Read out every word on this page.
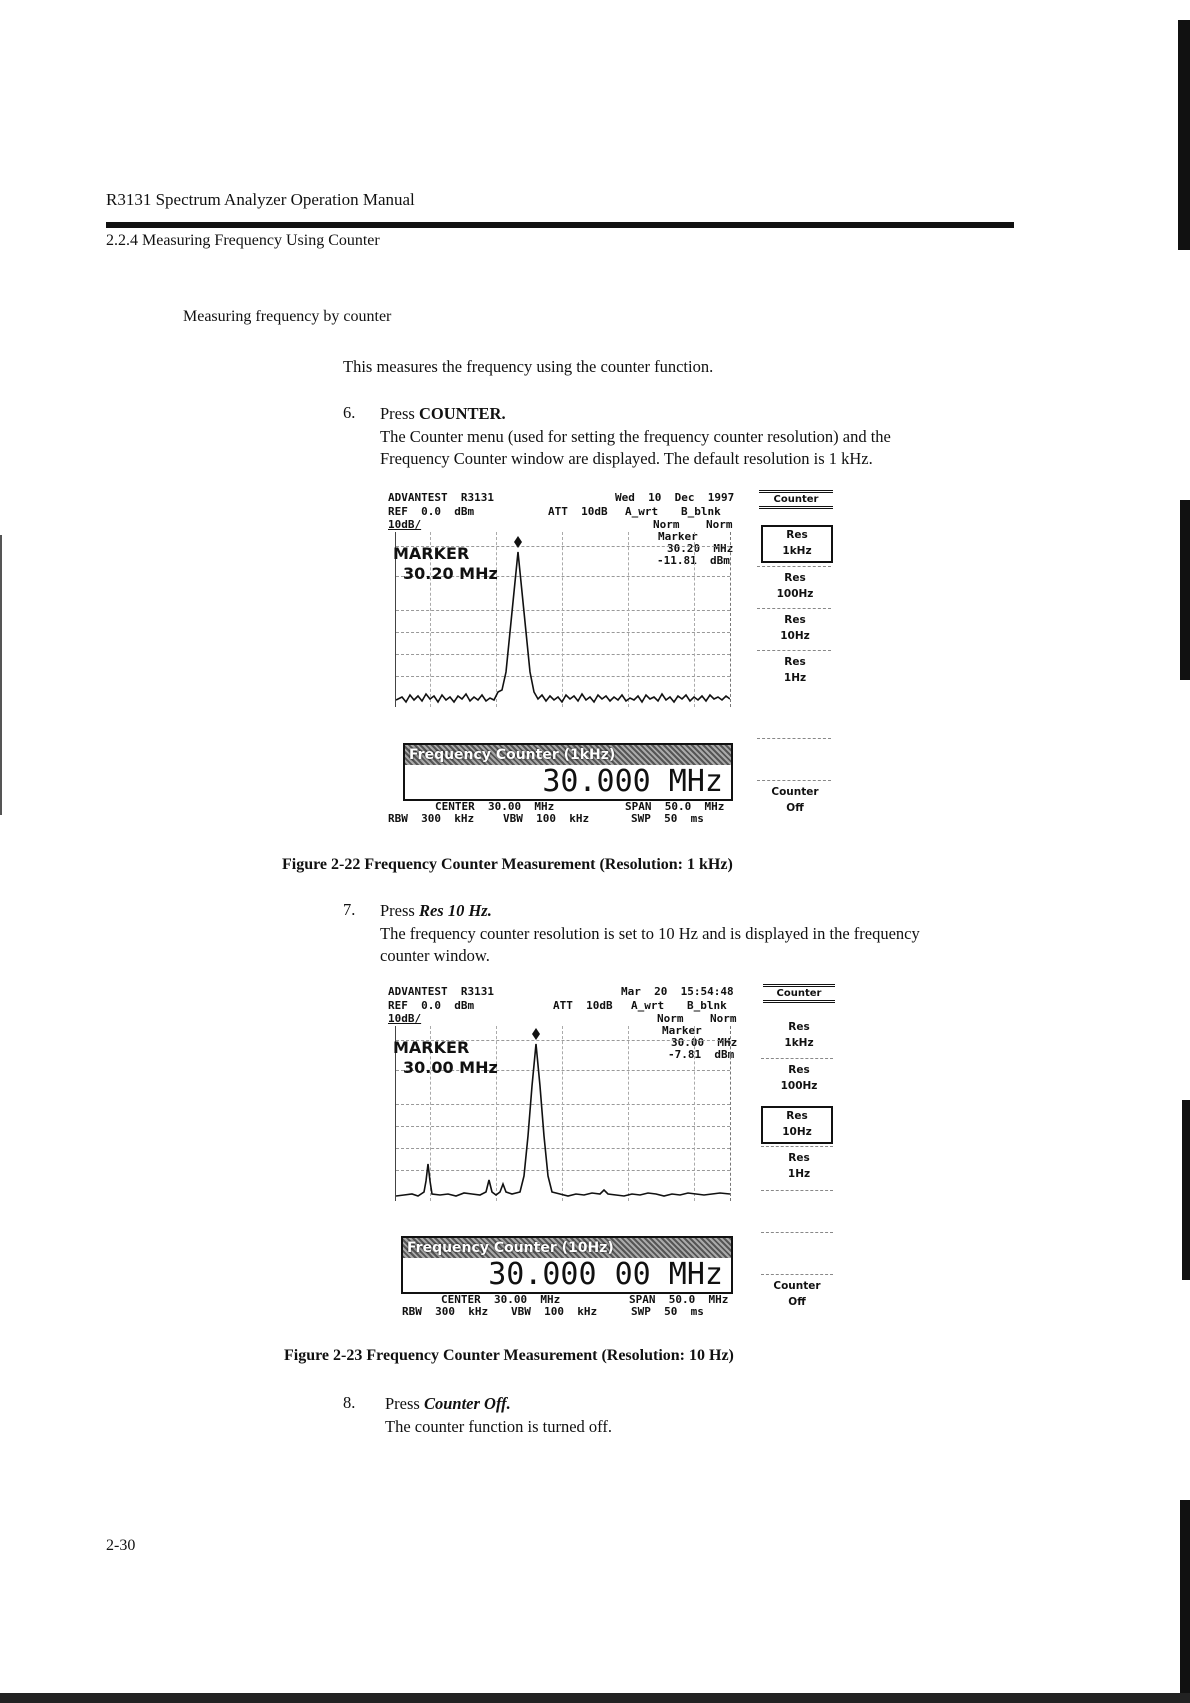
R3131 Spectrum Analyzer Operation Manual
2.2.4 Measuring Frequency Using Counter
Measuring frequency by counter
This measures the frequency using the counter function.
6. Press COUNTER.
The Counter menu (used for setting the frequency counter resolution) and the
Frequency Counter window are displayed. The default resolution is 1 kHz.
ADVANTEST  R3131	Wed  10  Dec  1997
REF  0.0  dBm	ATT  10dB A_wrt B_blnk
10dB/	Norm    Norm
Marker
30.20  MHz
-11.81  dBm
MARKER
30.20 MHz
Frequency Counter (1kHz)
30.000 MHz
CENTER  30.00  MHz	SPAN  50.0  MHz
RBW  300  kHz	VBW  100  kHz	SWP  50  ms
Counter
Res
1kHz
Res
100Hz
Res
10Hz
Res
1Hz
Counter
Off
Figure 2-22 Frequency Counter Measurement (Resolution: 1 kHz)
7. Press Res 10 Hz.
The frequency counter resolution is set to 10 Hz and is displayed in the frequency
counter window.
ADVANTEST  R3131	Mar  20  15:54:48
REF  0.0  dBm	ATT  10dB A_wrt B_blnk
10dB/	Norm    Norm
Marker
30.00  MHz
-7.81  dBm
MARKER
30.00 MHz
Frequency Counter (10Hz)
30.000 00 MHz
CENTER  30.00  MHz	SPAN  50.0  MHz
RBW  300  kHz VBW  100  kHz	SWP  50  ms
Counter
Res
1kHz
Res
100Hz
Res
10Hz
Res
1Hz
Counter
Off
Figure 2-23 Frequency Counter Measurement (Resolution: 10 Hz)
8. Press Counter Off.
The counter function is turned off.
2-30
